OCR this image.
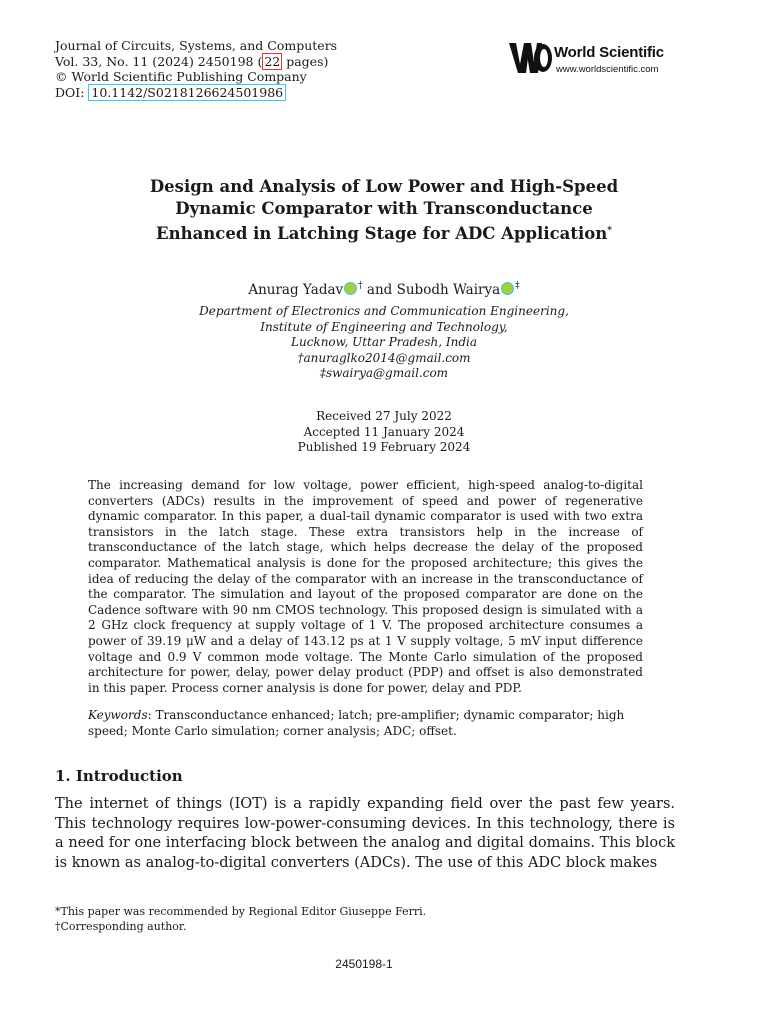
Journal of Circuits, Systems, and Computers
Vol. 33, No. 11 (2024) 2450198 ( 22 pages)
© World Scientific Publishing Company
DOI: 10.1142/S0218126624501986
World Scientific
www.worldscientific.com
Design and Analysis of Low Power and High-Speed
Dynamic Comparator with Transconductance
Enhanced in Latching Stage for ADC Application*
Anurag Yadav † and Subodh Wairya ‡
Department of Electronics and Communication Engineering,
Institute of Engineering and Technology,
Lucknow, Uttar Pradesh, India
†anuraglko2014@gmail.com
‡swairya@gmail.com
Received 27 July 2022
Accepted 11 January 2024
Published 19 February 2024
The increasing demand for low voltage, power efficient, high-speed analog-to-digital converters (ADCs) results in the improvement of speed and power of regenerative dynamic comparator. In this paper, a dual-tail dynamic comparator is used with two extra transistors in the latch stage. These extra transistors help in the increase of transconductance of the latch stage, which helps decrease the delay of the proposed comparator. Mathematical analysis is done for the proposed architecture; this gives the idea of reducing the delay of the comparator with an increase in the transconductance of the comparator. The simulation and layout of the proposed comparator are done on the Cadence software with 90 nm CMOS technology. This proposed design is simulated with a 2 GHz clock frequency at supply voltage of 1 V. The proposed architecture consumes a power of 39.19 μW and a delay of 143.12 ps at 1 V supply voltage, 5 mV input difference voltage and 0.9 V common mode voltage. The Monte Carlo simulation of the proposed architecture for power, delay, power delay product (PDP) and offset is also demonstrated in this paper. Process corner analysis is done for power, delay and PDP.
Keywords: Transconductance enhanced; latch; pre-amplifier; dynamic comparator; high speed; Monte Carlo simulation; corner analysis; ADC; offset.
1. Introduction
The internet of things (IOT) is a rapidly expanding field over the past few years. This technology requires low-power-consuming devices. In this technology, there is a need for one interfacing block between the analog and digital domains. This block is known as analog-to-digital converters (ADCs). The use of this ADC block makes
*This paper was recommended by Regional Editor Giuseppe Ferri.
†Corresponding author.
2450198-1
